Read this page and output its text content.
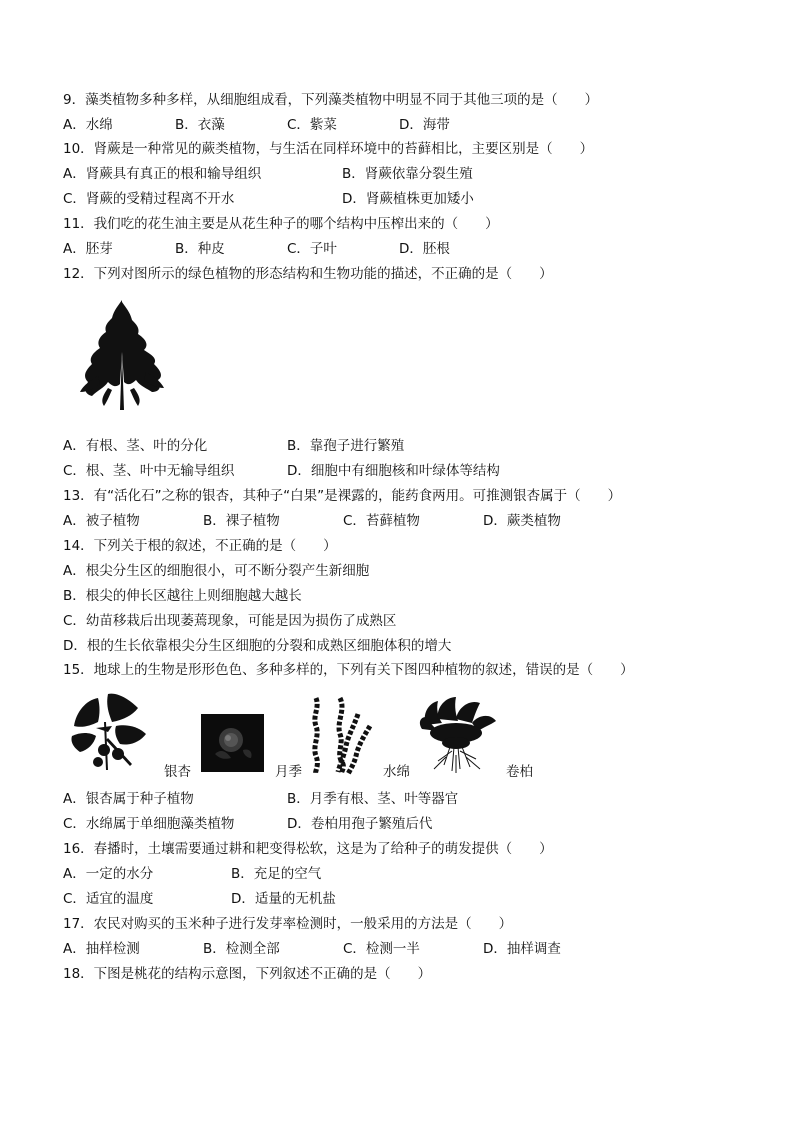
9．藻类植物多种多样，从细胞组成看，下列藻类植物中明显不同于其他三项的是（　　）
A．水绵	B．衣藻	C．紫菜	D．海带
10．肾蕨是一种常见的蕨类植物，与生活在同样环境中的苔藓相比，主要区别是（　　）
A．肾蕨具有真正的根和输导组织	B．肾蕨依靠分裂生殖
C．肾蕨的受精过程离不开水	D．肾蕨植株更加矮小
11．我们吃的花生油主要是从花生种子的哪个结构中压榨出来的（　　）
A．胚芽	B．种皮	C．子叶	D．胚根
12．下列对图所示的绿色植物的形态结构和生物功能的描述，不正确的是（　　）
A．有根、茎、叶的分化	B．靠孢子进行繁殖
C．根、茎、叶中无输导组织	D．细胞中有细胞核和叶绿体等结构
13．有“活化石”之称的银杏，其种子“白果”是裸露的，能药食两用。可推测银杏属于（　　）
A．被子植物	B．裸子植物	C．苔藓植物	D．蕨类植物
14．下列关于根的叙述，不正确的是（　　）
A．根尖分生区的细胞很小，可不断分裂产生新细胞
B．根尖的伸长区越往上则细胞越大越长
C．幼苗移栽后出现萎蔫现象，可能是因为损伤了成熟区
D．根的生长依靠根尖分生区细胞的分裂和成熟区细胞体积的增大
15．地球上的生物是形形色色、多种多样的，下列有关下图四种植物的叙述，错误的是（　　）
银杏	月季	水绵	卷柏
A．银杏属于种子植物	B．月季有根、茎、叶等器官
C．水绵属于单细胞藻类植物	D．卷柏用孢子繁殖后代
16．春播时，土壤需要通过耕和耙变得松软，这是为了给种子的萌发提供（　　）
A．一定的水分	B．充足的空气
C．适宜的温度	D．适量的无机盐
17．农民对购买的玉米种子进行发芽率检测时，一般采用的方法是（　　）
A．抽样检测	B．检测全部	C．检测一半	D．抽样调查
18．下图是桃花的结构示意图，下列叙述不正确的是（　　）
